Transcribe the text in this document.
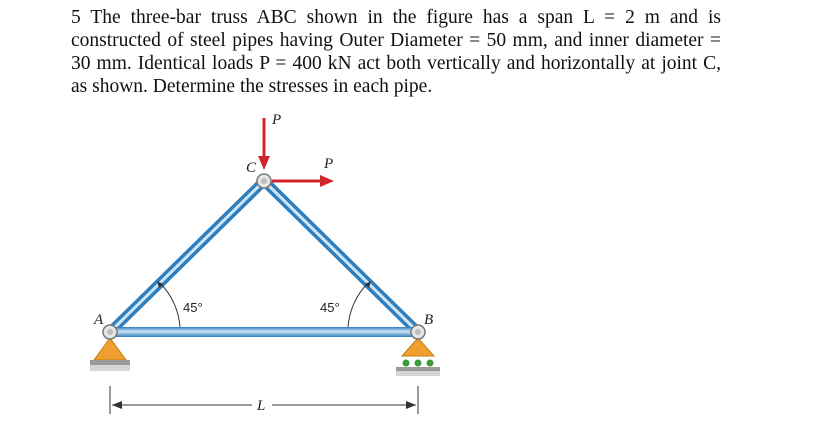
5 The three-bar truss ABC shown in the figure has a span L = 2 m and is constructed of steel pipes having Outer Diameter = 50 mm, and inner diameter = 30 mm. Identical loads P = 400 kN act both vertically and horizontally at joint C, as shown. Determine the stresses in each pipe.

P
P
C
A	B
45°	45°
L
